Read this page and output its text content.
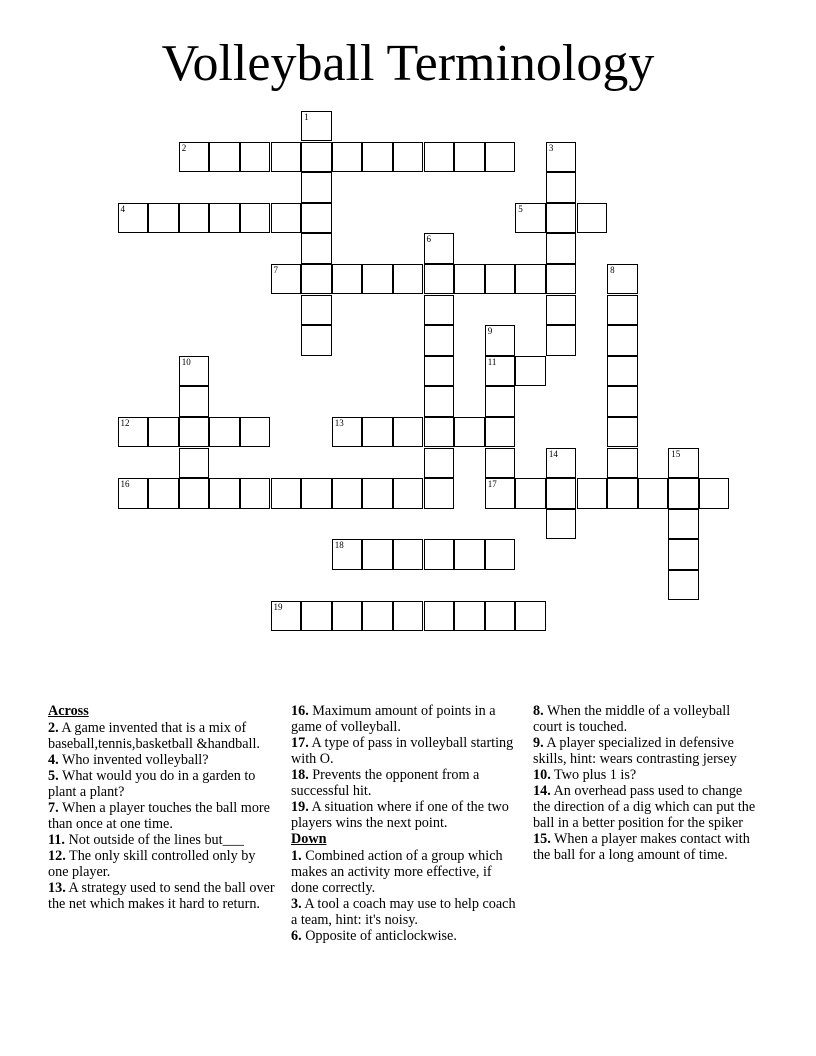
Volleyball Terminology
1
2	3
4	5
6
7	8
9
10	11
12	13
14	15
16	17
18
19
Across

2. A game invented that is a mix of baseball,tennis,basketball &handball.

4. Who invented volleyball?

5. What would you do in a garden to plant a plant?

7. When a player touches the ball more than once at one time.

11. Not outside of the lines but___

12. The only skill controlled only by one player.

13. A strategy used to send the ball over the net which makes it hard to return.

16. Maximum amount of points in a game of volleyball.

17. A type of pass in volleyball starting with O.

18. Prevents the opponent from a successful hit.

19. A situation where if one of the two players wins the next point.

Down

1. Combined action of a group which makes an activity more effective, if done correctly.

3. A tool a coach may use to help coach a team, hint: it's noisy.

6. Opposite of anticlockwise.

8. When the middle of a volleyball court is touched.

9. A player specialized in defensive skills, hint: wears contrasting jersey

10. Two plus 1 is?

14. An overhead pass used to change the direction of a dig which can put the ball in a better position for the spiker

15. When a player makes contact with the ball for a long amount of time.
